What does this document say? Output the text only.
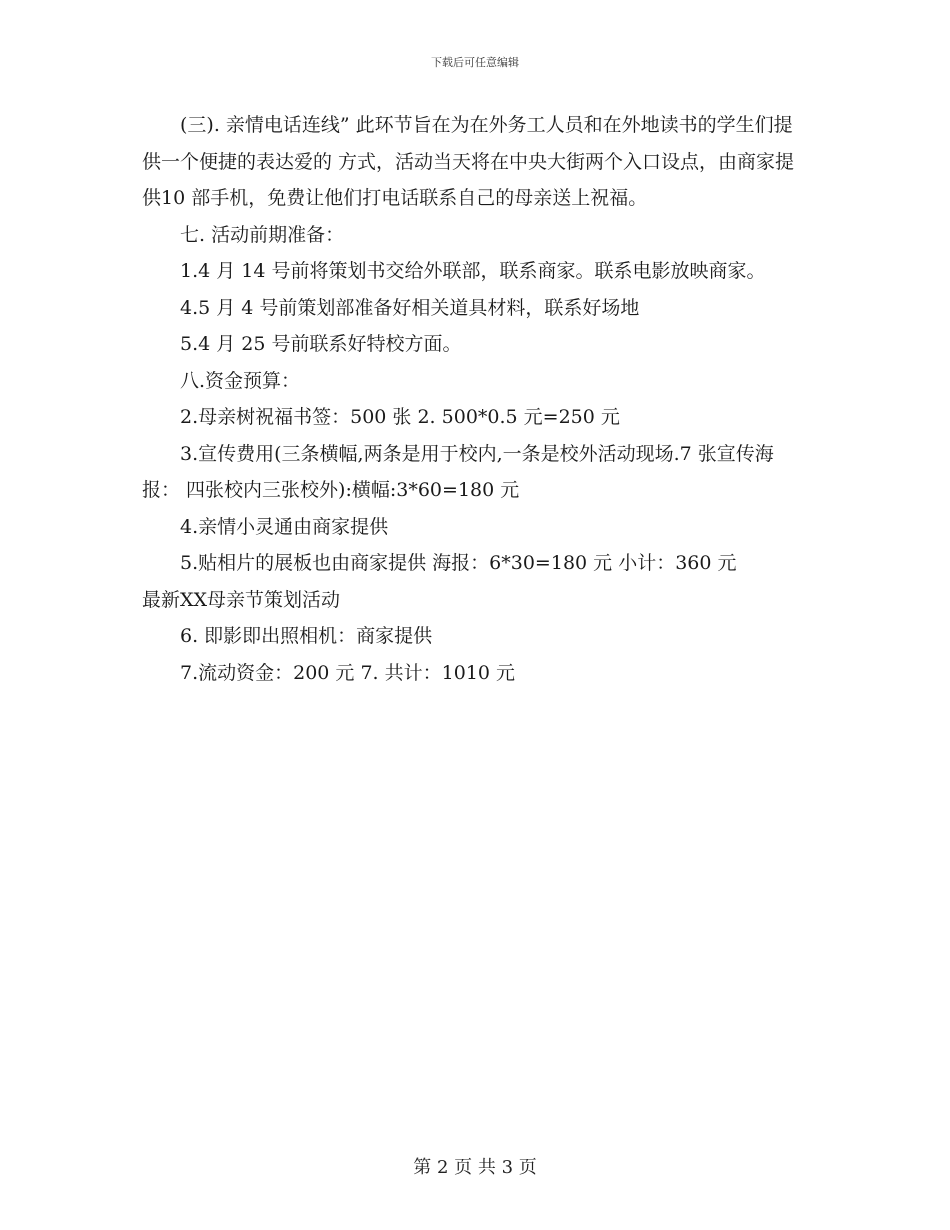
下载后可任意编辑

(三). 亲情电话连线” 此环节旨在为在外务工人员和在外地读书的学生们提供一个便捷的表达爱的 方式，活动当天将在中央大街两个入口设点，由商家提供10 部手机，免费让他们打电话联系自己的母亲送上祝福。

七. 活动前期准备：

1.4 月 14 号前将策划书交给外联部，联系商家。联系电影放映商家。

4.5 月 4 号前策划部准备好相关道具材料，联系好场地

5.4 月 25 号前联系好特校方面。

八.资金预算：

2.母亲树祝福书签：500 张 2. 500*0.5 元=250 元

3.宣传费用(三条横幅,两条是用于校内,一条是校外活动现场.7 张宣传海报： 四张校内三张校外):横幅:3*60=180 元

4.亲情小灵通由商家提供

5.贴相片的展板也由商家提供 海报：6*30=180 元 小计：360 元

最新XX母亲节策划活动

6. 即影即出照相机：商家提供

7.流动资金：200 元 7. 共计：1010 元

第 2 页 共 3 页
